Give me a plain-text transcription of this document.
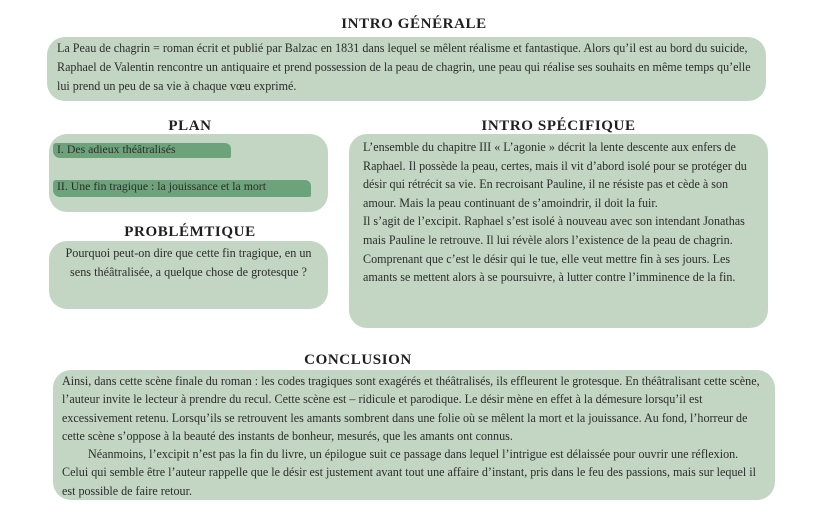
INTRO GÉNÉRALE

La Peau de chagrin = roman écrit et publié par Balzac en 1831 dans lequel se mêlent réalisme et fantastique. Alors qu’il est au bord du suicide, Raphael de Valentin rencontre un antiquaire et prend possession de la peau de chagrin, une peau qui réalise ses souhaits en même temps qu’elle lui prend un peu de sa vie à chaque vœu exprimé.

PLAN
I. Des adieux théâtralisés
II. Une fin tragique : la jouissance et la mort
PROBLÉMTIQUE

Pourquoi peut-on dire que cette fin tragique, en un sens théâtralisée, a quelque chose de grotesque ?

INTRO SPÉCIFIQUE

L’ensemble du chapitre III « L’agonie » décrit la lente descente aux enfers de Raphael. Il possède la peau, certes, mais il vit d’abord isolé pour se protéger du désir qui rétrécit sa vie. En recroisant Pauline, il ne résiste pas et cède à son amour. Mais la peau continuant de s’amoindrir, il doit la fuir.

Il s’agit de l’excipit. Raphael s’est isolé à nouveau avec son intendant Jonathas mais Pauline le retrouve. Il lui révèle alors l’existence de la peau de chagrin. Comprenant que c’est le désir qui le tue, elle veut mettre fin à ses jours. Les amants se mettent alors à se poursuivre, à lutter contre l’imminence de la fin.

CONCLUSION

Ainsi, dans cette scène finale du roman : les codes tragiques sont exagérés et théâtralisés, ils effleurent le grotesque. En théâtralisant cette scène, l’auteur invite le lecteur à prendre du recul. Cette scène est – ridicule et parodique. Le désir mène en effet à la démesure lorsqu’il est excessivement retenu. Lorsqu’ils se retrouvent les amants sombrent dans une folie où se mêlent la mort et la jouissance. Au fond, l’horreur de cette scène s’oppose à la beauté des instants de bonheur, mesurés, que les amants ont connus.

Néanmoins, l’excipit n’est pas la fin du livre, un épilogue suit ce passage dans lequel l’intrigue est délaissée pour ouvrir une réflexion. Celui qui semble être l’auteur rappelle que le désir est justement avant tout une affaire d’instant, pris dans le feu des passions, mais sur lequel il est possible de faire retour.
